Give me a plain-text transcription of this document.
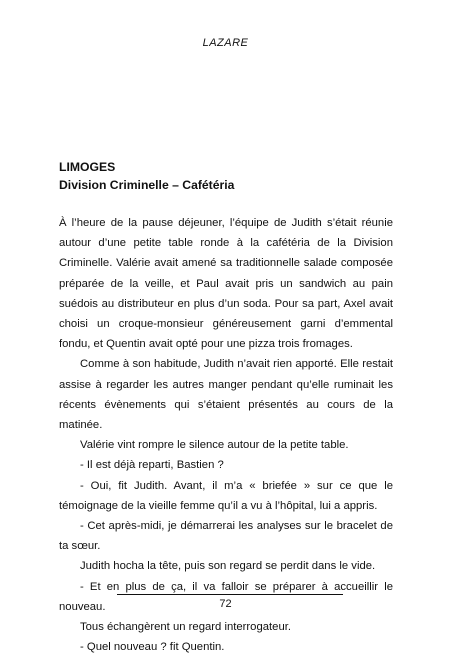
LAZARE
LIMOGES
Division Criminelle – Cafétéria

À l’heure de la pause déjeuner, l’équipe de Judith s’était réunie autour d’une petite table ronde à la cafétéria de la Division Criminelle. Valérie avait amené sa traditionnelle salade composée préparée de la veille, et Paul avait pris un sandwich au pain suédois au distributeur en plus d’un soda. Pour sa part, Axel avait choisi un croque-monsieur généreusement garni d’emmental fondu, et Quentin avait opté pour une pizza trois fromages.

Comme à son habitude, Judith n’avait rien apporté. Elle restait assise à regarder les autres manger pendant qu’elle ruminait les récents évènements qui s’étaient présentés au cours de la matinée.

Valérie vint rompre le silence autour de la petite table.

- Il est déjà reparti, Bastien ?

- Oui, fit Judith. Avant, il m’a « briefée » sur ce que le témoignage de la vieille femme qu’il a vu à l’hôpital, lui a appris.

- Cet après-midi, je démarrerai les analyses sur le bracelet de ta sœur.

Judith hocha la tête, puis son regard se perdit dans le vide.

- Et en plus de ça, il va falloir se préparer à accueillir le nouveau.

Tous échangèrent un regard interrogateur.

- Quel nouveau ? fit Quentin.

72
